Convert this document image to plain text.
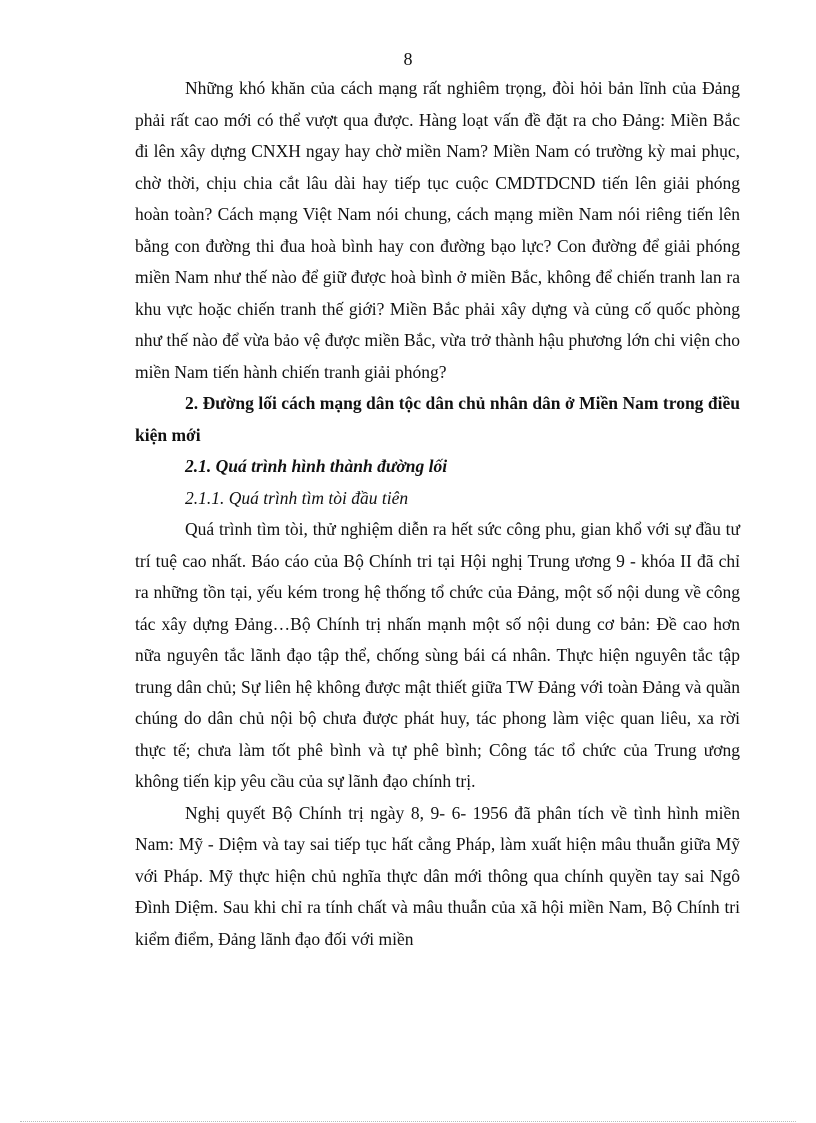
8

Những khó khăn của cách mạng rất nghiêm trọng, đòi hỏi bản lĩnh của Đảng phải rất cao mới có thể vượt qua được. Hàng loạt vấn đề đặt ra cho Đảng: Miền Bắc đi lên xây dựng CNXH ngay hay chờ miền Nam? Miền Nam có trường kỳ mai phục, chờ thời, chịu chia cắt lâu dài hay tiếp tục cuộc CMDTDCND tiến lên giải phóng hoàn toàn? Cách mạng Việt Nam nói chung, cách mạng miền Nam nói riêng tiến lên bằng con đường thi đua hoà bình hay con đường bạo lực? Con đường để giải phóng miền Nam như thế nào để giữ được hoà bình ở miền Bắc, không để chiến tranh lan ra khu vực hoặc chiến tranh thế giới? Miền Bắc phải xây dựng và củng cố quốc phòng như thế nào để vừa bảo vệ được miền Bắc, vừa trở thành hậu phương lớn chi viện cho miền Nam tiến hành chiến tranh giải phóng?

2. Đường lối cách mạng dân tộc dân chủ nhân dân ở Miền Nam trong điều kiện mới

2.1. Quá trình hình thành đường lối

2.1.1. Quá trình tìm tòi đầu tiên

Quá trình tìm tòi, thử nghiệm diễn ra hết sức công phu, gian khổ với sự đầu tư trí tuệ cao nhất. Báo cáo của Bộ Chính tri tại Hội nghị Trung ương 9 - khóa II đã chỉ ra những tồn tại, yếu kém trong hệ thống tổ chức của Đảng, một số nội dung về công tác xây dựng Đảng…Bộ Chính trị nhấn mạnh một số nội dung cơ bản: Đề cao hơn nữa nguyên tắc lãnh đạo tập thể, chống sùng bái cá nhân. Thực hiện nguyên tắc tập trung dân chủ; Sự liên hệ không được mật thiết giữa TW Đảng với toàn Đảng và quần chúng do dân chủ nội bộ chưa được phát huy, tác phong làm việc quan liêu, xa rời thực tế; chưa làm tốt phê bình và tự phê bình; Công tác tổ chức của Trung ương không tiến kịp yêu cầu của sự lãnh đạo chính trị.

Nghị quyết Bộ Chính trị ngày 8, 9- 6- 1956 đã phân tích về tình hình miền Nam: Mỹ - Diệm và tay sai tiếp tục hất cẳng Pháp, làm xuất hiện mâu thuẫn giữa Mỹ với Pháp. Mỹ thực hiện chủ nghĩa thực dân mới thông qua chính quyền tay sai Ngô Đình Diệm. Sau khi chỉ ra tính chất và mâu thuẫn của xã hội miền Nam, Bộ Chính tri kiểm điểm, Đảng lãnh đạo đối với miền
